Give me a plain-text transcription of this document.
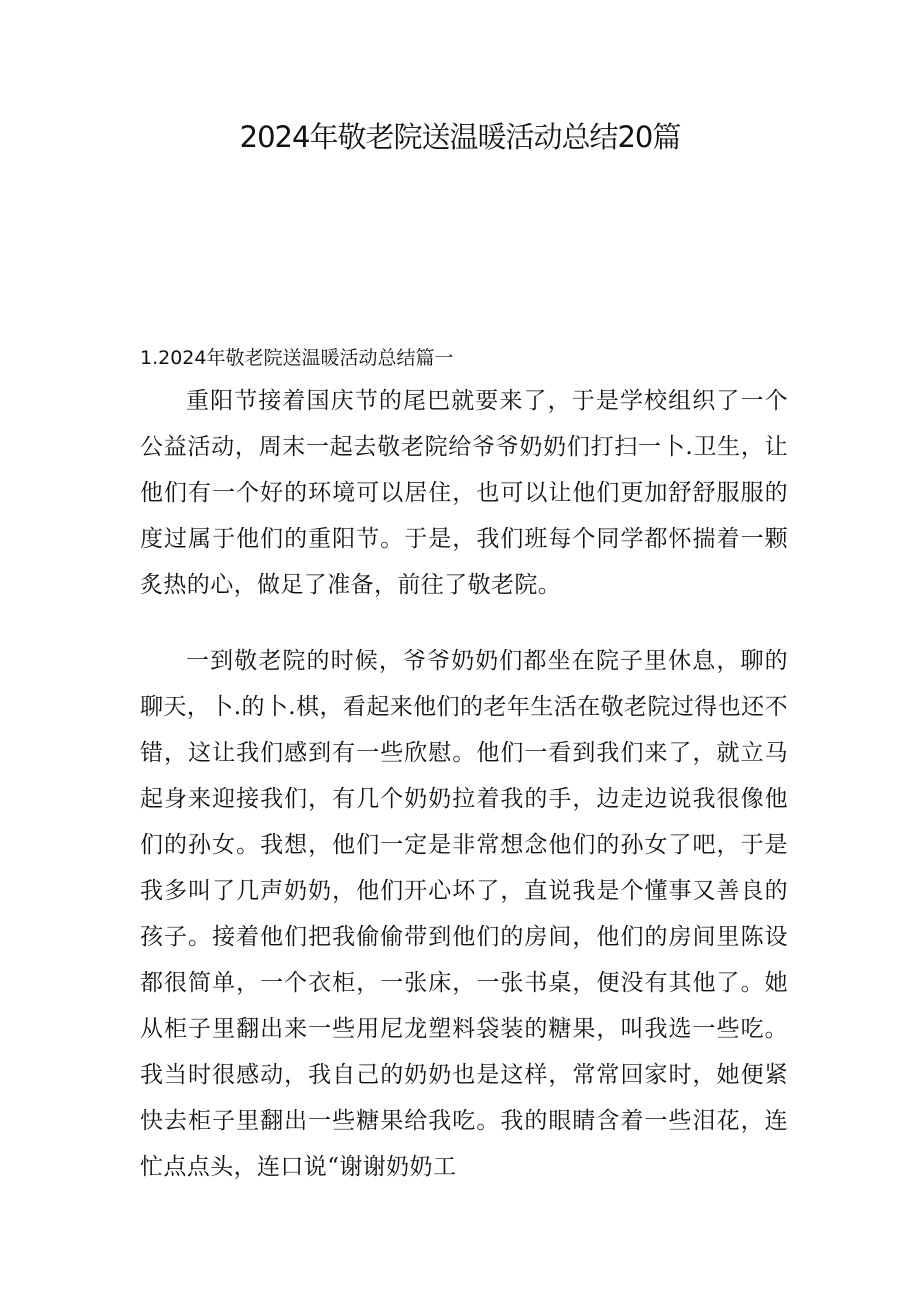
2024年敬老院送温暖活动总结20篇
1.2024年敬老院送温暖活动总结篇一

重阳节接着国庆节的尾巴就要来了，于是学校组织了一个公益活动，周末一起去敬老院给爷爷奶奶们打扫一卜.卫生，让他们有一个好的环境可以居住，也可以让他们更加舒舒服服的度过属于他们的重阳节。于是，我们班每个同学都怀揣着一颗炙热的心，做足了准备，前往了敬老院。

一到敬老院的时候，爷爷奶奶们都坐在院子里休息，聊的聊天，卜.的卜.棋，看起来他们的老年生活在敬老院过得也还不错，这让我们感到有一些欣慰。他们一看到我们来了，就立马起身来迎接我们，有几个奶奶拉着我的手，边走边说我很像他们的孙女。我想，他们一定是非常想念他们的孙女了吧，于是我多叫了几声奶奶，他们开心坏了，直说我是个懂事又善良的孩子。接着他们把我偷偷带到他们的房间，他们的房间里陈设都很简单，一个衣柜，一张床，一张书桌，便没有其他了。她从柜子里翻出来一些用尼龙塑料袋装的糖果，叫我选一些吃。我当时很感动，我自己的奶奶也是这样，常常回家时，她便紧快去柜子里翻出一些糖果给我吃。我的眼睛含着一些泪花，连忙点点头，连口说“谢谢奶奶工
